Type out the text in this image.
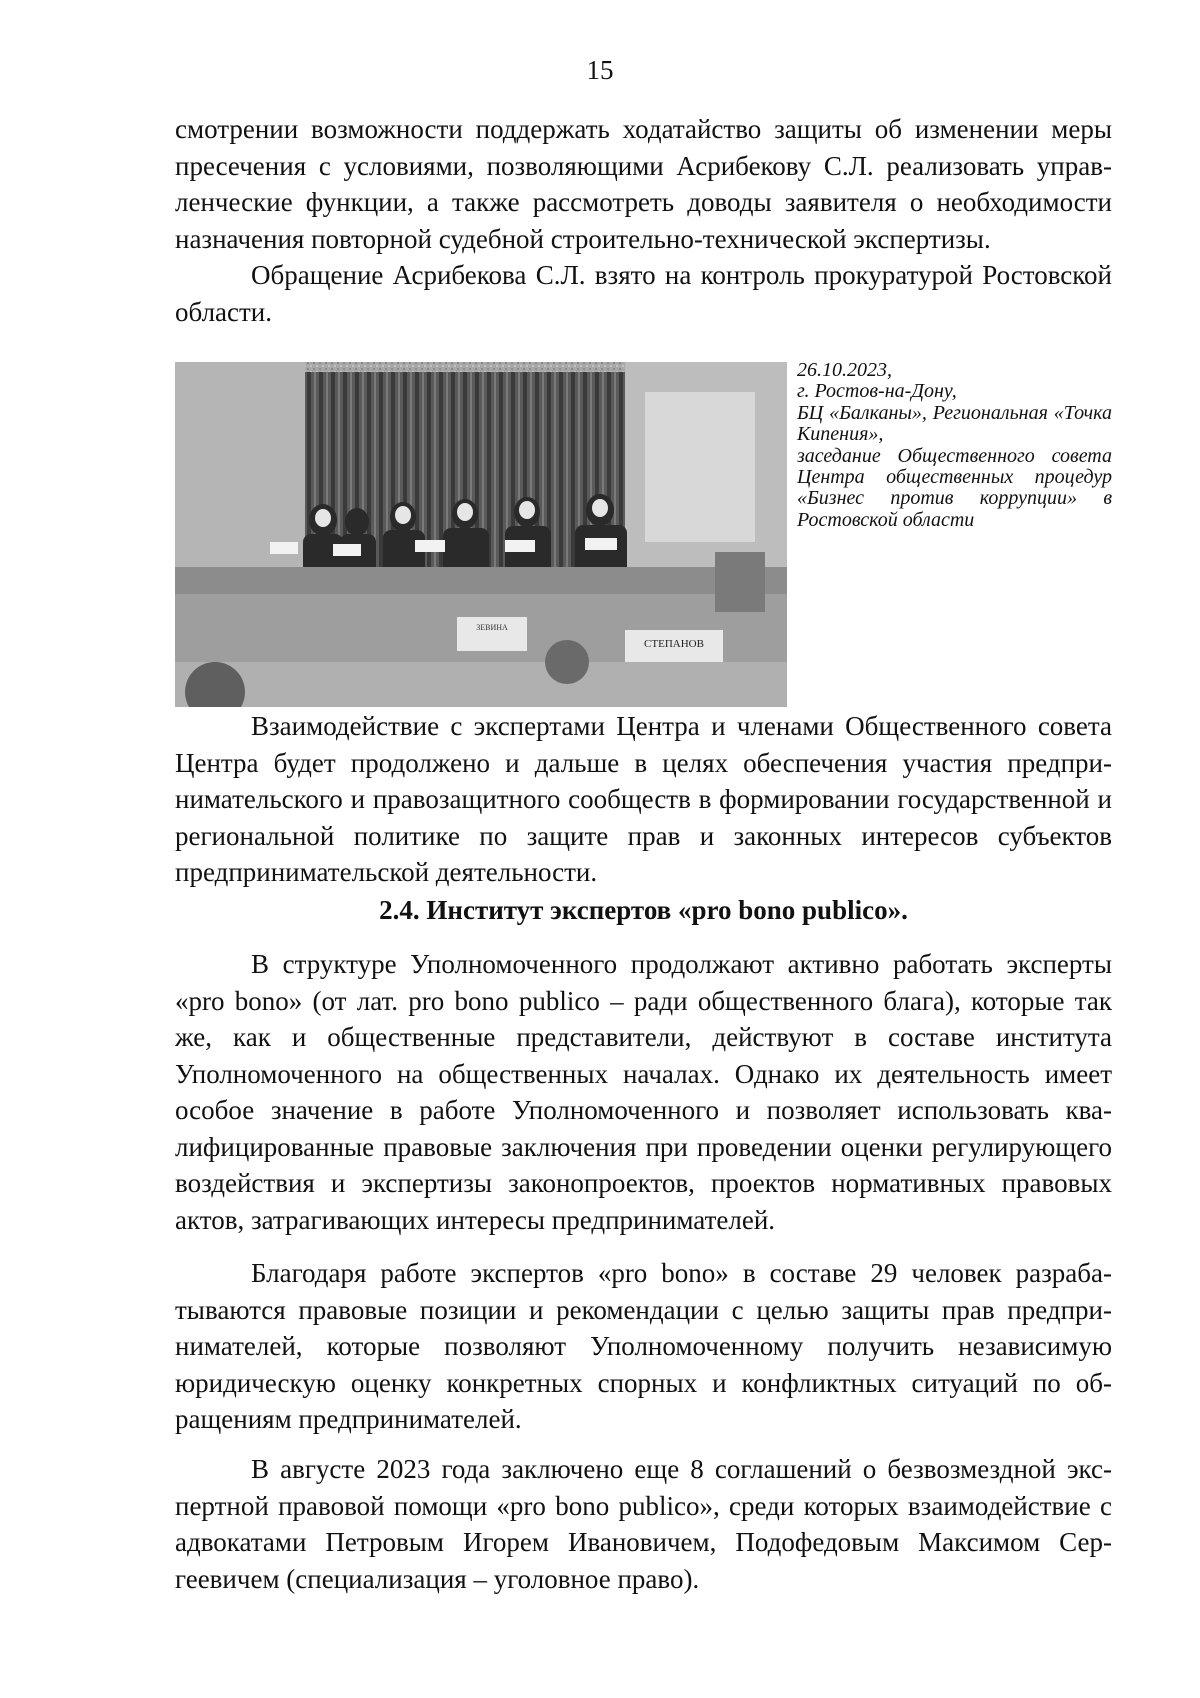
15
смотрении возможности поддержать ходатайство защиты об изменении меры пресечения с условиями, позволяющими Асрибекову С.Л. реализовать управленческие функции, а также рассмотреть доводы заявителя о необходимости назначения повторной судебной строительно-технической экспертизы.
Обращение Асрибекова С.Л. взято на контроль прокуратурой Ростовской области.
ЗЕВИНА
СТЕПАНОВ
26.10.2023,
г. Ростов-на-Дону,
БЦ «Балканы», Региональная «Точка Кипения»,
заседание Общественного совета Центра общественных процедур «Бизнес против коррупции» в Ростовской области
Взаимодействие с экспертами Центра и членами Общественного совета Центра будет продолжено и дальше в целях обеспечения участия предпринимательского и правозащитного сообществ в формировании государственной и региональной политике по защите прав и законных интересов субъектов предпринимательской деятельности.
2.4. Институт экспертов «pro bono publico».
В структуре Уполномоченного продолжают активно работать эксперты «pro bono» (от лат. pro bono publico – ради общественного блага), которые так же, как и общественные представители, действуют в составе института Уполномоченного на общественных началах. Однако их деятельность имеет особое значение в работе Уполномоченного и позволяет использовать квалифицированные правовые заключения при проведении оценки регулирующего воздействия и экспертизы законопроектов, проектов нормативных правовых актов, затрагивающих интересы предпринимателей.
Благодаря работе экспертов «pro bono» в составе 29 человек разрабатываются правовые позиции и рекомендации с целью защиты прав предпринимателей, которые позволяют Уполномоченному получить независимую юридическую оценку конкретных спорных и конфликтных ситуаций по обращениям предпринимателей.
В августе 2023 года заключено еще 8 соглашений о безвозмездной экспертной правовой помощи «pro bono publico», среди которых взаимодействие с адвокатами Петровым Игорем Ивановичем, Подофедовым Максимом Сергеевичем (специализация – уголовное право).
